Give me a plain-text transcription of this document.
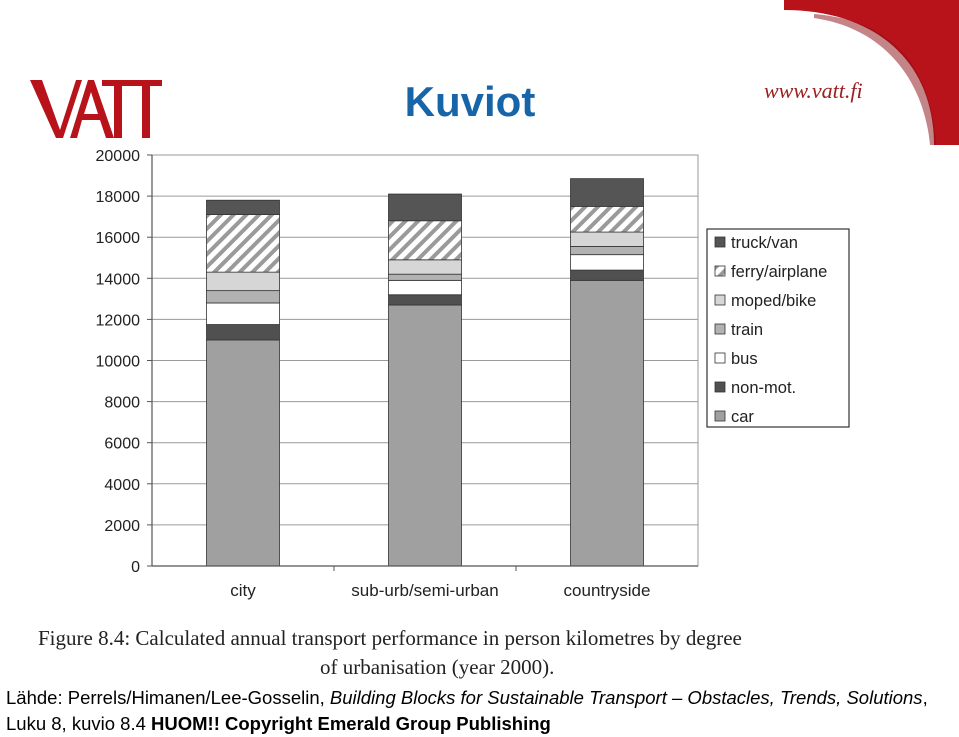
Kuviot	www.vatt.fi
0
2000
4000
6000
8000
10000
12000
14000
16000
18000
20000
city	sub-urb/semi-urban	countryside
truck/van
ferry/airplane
moped/bike
train
bus
non-mot.
car
Figure 8.4: Calculated annual transport performance in person kilometres by degree
of urbanisation (year 2000).
Lähde: Perrels/Himanen/Lee-Gosselin, Building Blocks for Sustainable Transport – Obstacles, Trends, Solutions, Luku 8, kuvio 8.4 HUOM!! Copyright Emerald Group Publishing
